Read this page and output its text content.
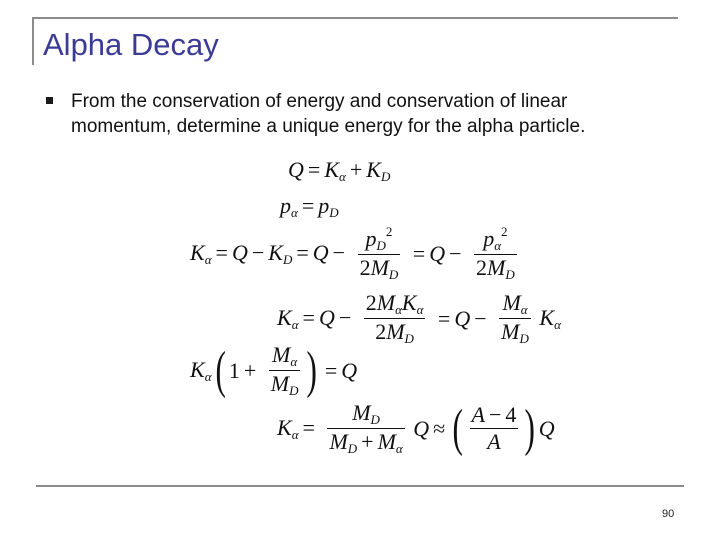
Alpha Decay
From the conservation of energy and conservation of linear momentum, determine a unique energy for the alpha particle.
$Q = K_\alpha + K_D$
$p_\alpha = p_D$
$K_\alpha = Q - K_D = Q - \frac{p_D^2}{2M_D} = Q - \frac{p_\alpha^2}{2M_D}$
$K_\alpha = Q - \frac{2M_\alpha K_\alpha}{2M_D} = Q - \frac{M_\alpha}{M_D} K_\alpha$
$K_\alpha$( $1 + \frac{M_\alpha}{M_D}$ ) = Q
$K_\alpha = \frac{M_D}{M_D + M_\alpha}$ Q ≈ ( $\frac{A - 4}{A}$ ) Q
90
